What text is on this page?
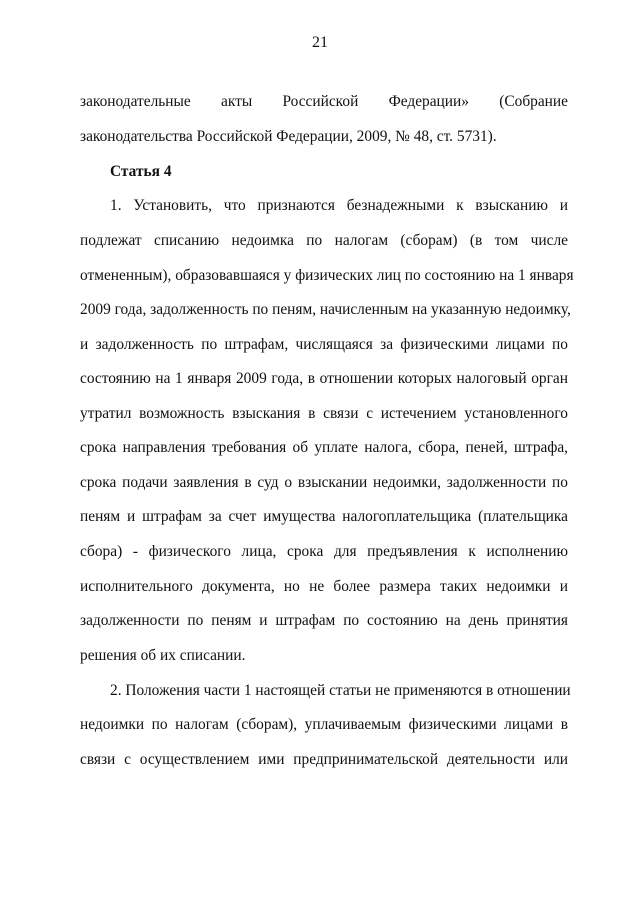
21
законодательные акты Российской Федерации» (Собрание
законодательства Российской Федерации, 2009, № 48, ст. 5731).
Статья 4
1. Установить, что признаются безнадежными к взысканию и
подлежат списанию недоимка по налогам (сборам) (в том числе
отмененным), образовавшаяся у физических лиц по состоянию на 1 января
2009 года, задолженность по пеням, начисленным на указанную недоимку,
и задолженность по штрафам, числящаяся за физическими лицами по
состоянию на 1 января 2009 года, в отношении которых налоговый орган
утратил возможность взыскания в связи с истечением установленного
срока направления требования об уплате налога, сбора, пеней, штрафа,
срока подачи заявления в суд о взыскании недоимки, задолженности по
пеням и штрафам за счет имущества налогоплательщика (плательщика
сбора) - физического лица, срока для предъявления к исполнению
исполнительного документа, но не более размера таких недоимки и
задолженности по пеням и штрафам по состоянию на день принятия
решения об их списании.
2. Положения части 1 настоящей статьи не применяются в отношении
недоимки по налогам (сборам), уплачиваемым физическими лицами в
связи с осуществлением ими предпринимательской деятельности или
